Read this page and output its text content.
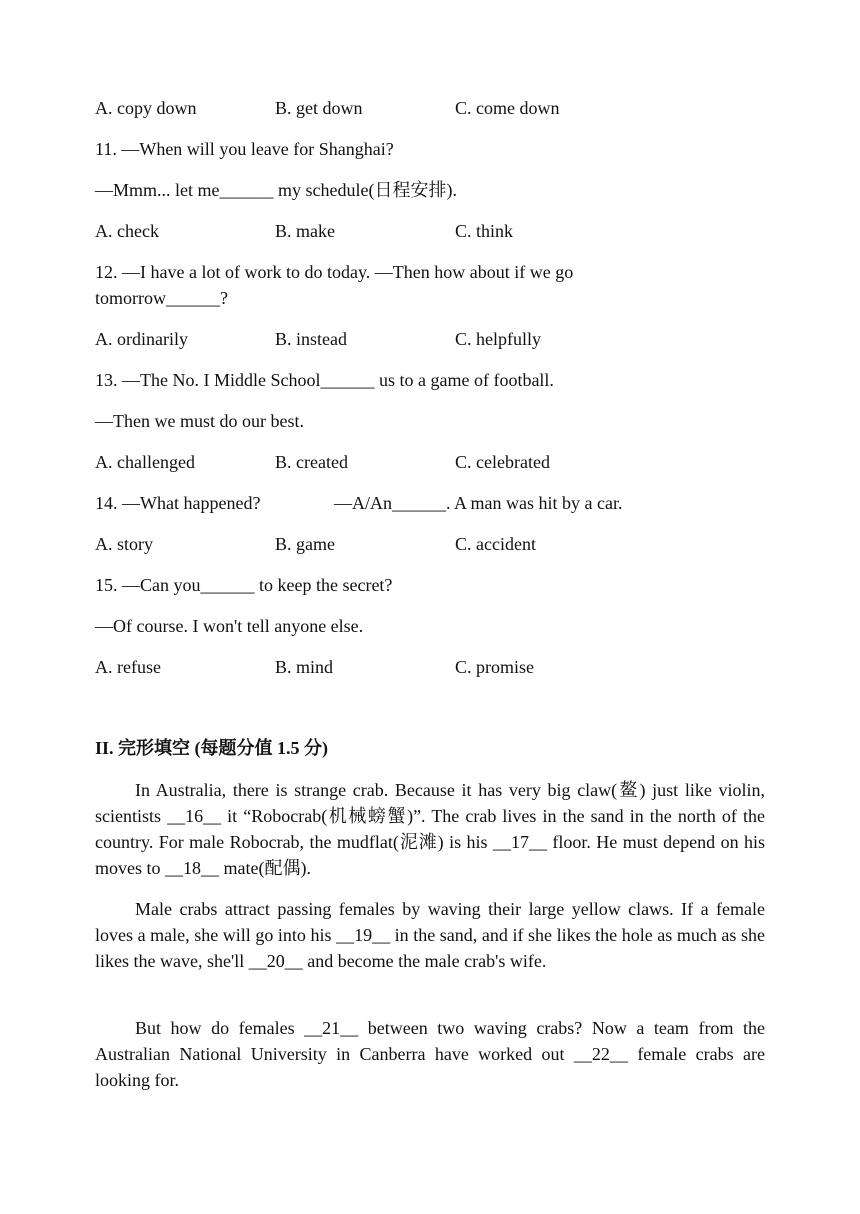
A. copy down	B. get down	C. come down
11. —When will you leave for Shanghai?
—Mmm... let me______ my schedule(日程安排).
A. check	B. make	C. think
12. —I have a lot of work to do today. —Then how about if we go
tomorrow______?
A. ordinarily	B. instead	C. helpfully
13. —The No. I Middle School______ us to a game of football.
—Then we must do our best.
A. challenged	B. created	C. celebrated
14. —What happened?	—A/An______. A man was hit by a car.
A. story	B. game	C. accident
15. —Can you______ to keep the secret?
—Of course. I won't tell anyone else.
A. refuse	B. mind	C. promise
II. 完形填空 (每题分值 1.5 分)

In Australia, there is strange crab. Because it has very big claw(鳌) just like violin, scientists __16__ it “Robocrab(机械螃蟹)”. The crab lives in the sand in the north of the country. For male Robocrab, the mudflat(泥滩) is his __17__ floor. He must depend on his moves to __18__ mate(配偶).

Male crabs attract passing females by waving their large yellow claws. If a female loves a male, she will go into his __19__ in the sand, and if she likes the hole as much as she likes the wave, she'll __20__ and become the male crab's wife.

But how do females __21__ between two waving crabs? Now a team from the Australian National University in Canberra have worked out __22__ female crabs are looking for.
